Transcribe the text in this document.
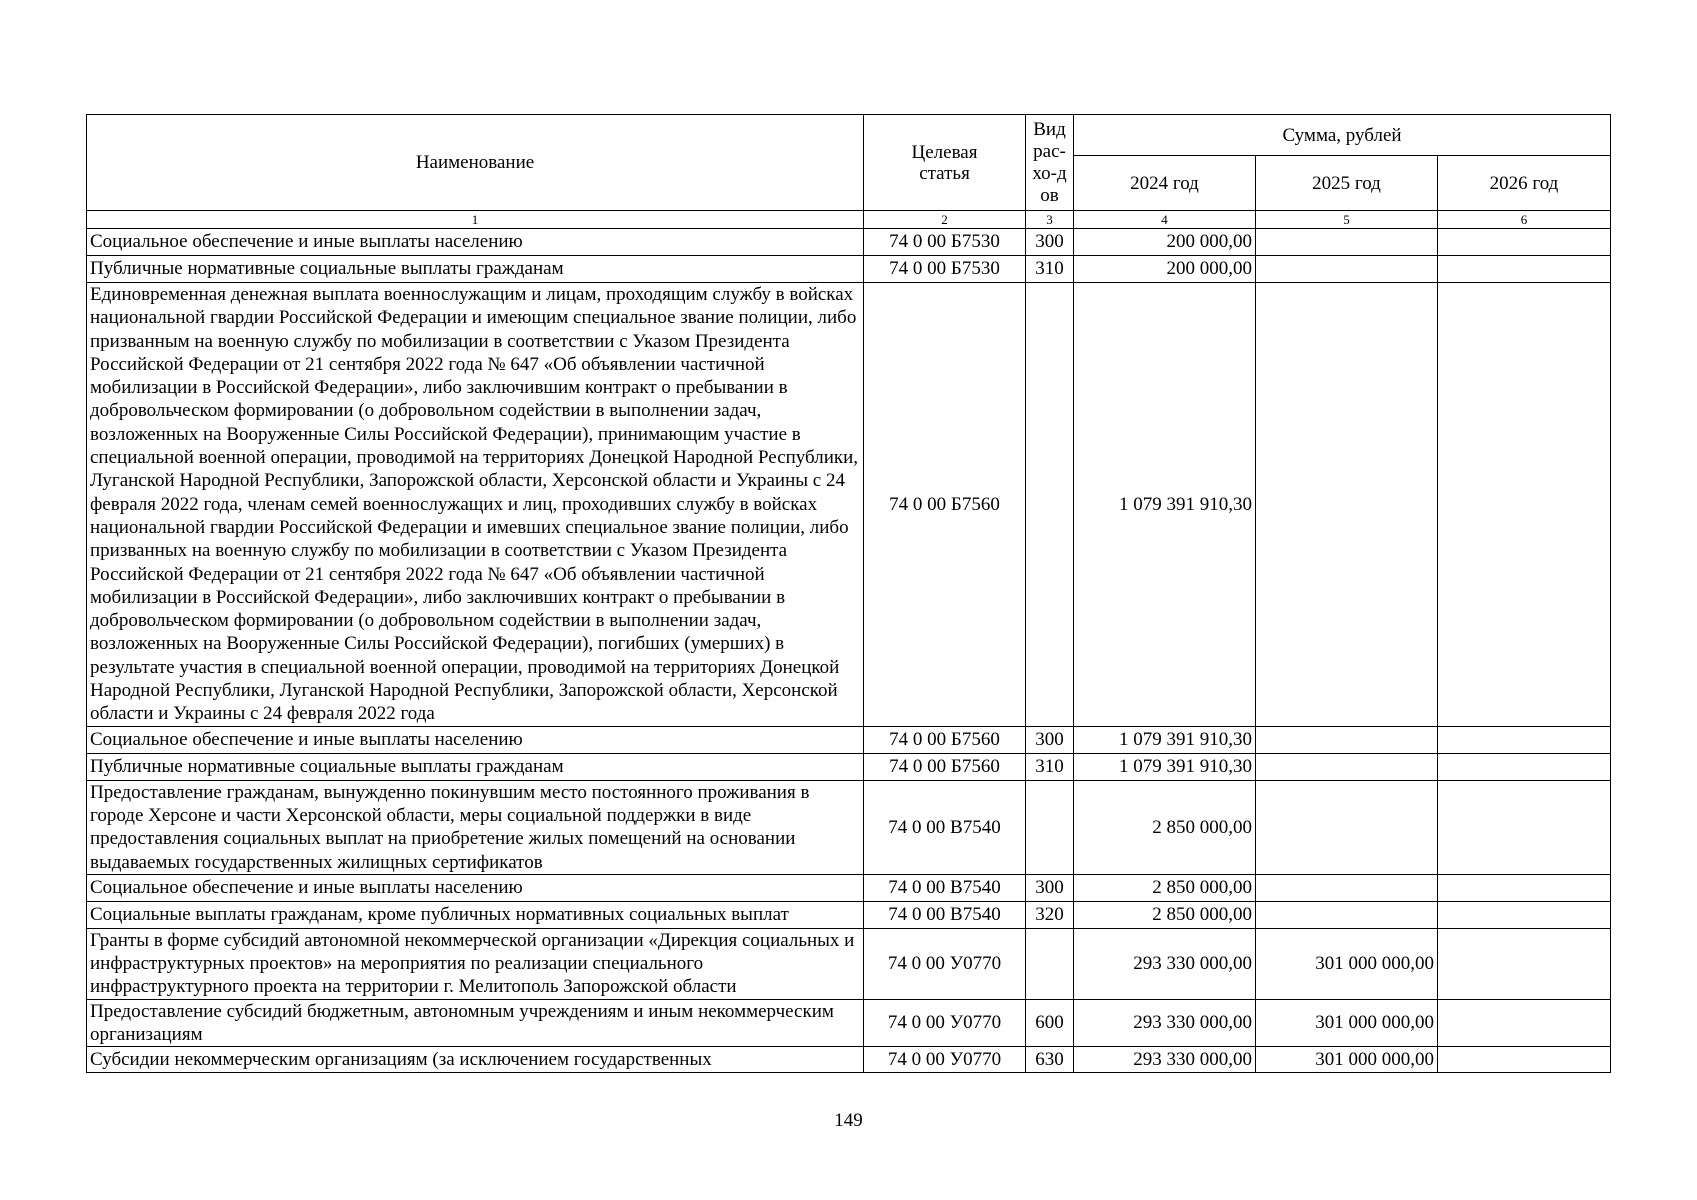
Наименование	Целевая статья	Вид рас-хо-дов	Сумма, рублей		
			2024 год	2025 год	2026 год
1	2	3	4	5	6
Социальное обеспечение и иные выплаты населению	74 0 00 Б7530	300	200 000,00		
Публичные нормативные социальные выплаты гражданам	74 0 00 Б7530	310	200 000,00		
Единовременная денежная выплата военнослужащим и лицам, проходящим службу в войсках национальной гвардии Российской Федерации и имеющим специальное звание полиции, либо призванным на военную службу по мобилизации в соответствии с Указом Президента Российской Федерации от 21 сентября 2022 года № 647 «Об объявлении частичной мобилизации в Российской Федерации», либо заключившим контракт о пребывании в добровольческом формировании (о добровольном содействии в выполнении задач, возложенных на Вооруженные Силы Российской Федерации), принимающим участие в специальной военной операции, проводимой на территориях Донецкой Народной Республики, Луганской Народной Республики, Запорожской области, Херсонской области и Украины с 24 февраля 2022 года, членам семей военнослужащих и лиц, проходивших службу в войсках национальной гвардии Российской Федерации и имевших специальное звание полиции, либо призванных на военную службу по мобилизации в соответствии с Указом Президента Российской Федерации от 21 сентября 2022 года № 647 «Об объявлении частичной мобилизации в Российской Федерации», либо заключивших контракт о пребывании в добровольческом формировании (о добровольном содействии в выполнении задач, возложенных на Вооруженные Силы Российской Федерации), погибших (умерших) в результате участия в специальной военной операции, проводимой на территориях Донецкой Народной Республики, Луганской Народной Республики, Запорожской области, Херсонской области и Украины с 24 февраля 2022 года	74 0 00 Б7560		1 079 391 910,30		
Социальное обеспечение и иные выплаты населению	74 0 00 Б7560	300	1 079 391 910,30		
Публичные нормативные социальные выплаты гражданам	74 0 00 Б7560	310	1 079 391 910,30		
Предоставление гражданам, вынужденно покинувшим место постоянного проживания в городе Херсоне и части Херсонской области, меры социальной поддержки в виде предоставления социальных выплат на приобретение жилых помещений на основании выдаваемых государственных жилищных сертификатов	74 0 00 В7540		2 850 000,00		
Социальное обеспечение и иные выплаты населению	74 0 00 В7540	300	2 850 000,00		
Социальные выплаты гражданам, кроме публичных нормативных социальных выплат	74 0 00 В7540	320	2 850 000,00		
Гранты в форме субсидий автономной некоммерческой организации «Дирекция социальных и инфраструктурных проектов» на мероприятия по реализации специального инфраструктурного проекта на территории г. Мелитополь Запорожской области	74 0 00 У0770		293 330 000,00	301 000 000,00	
Предоставление субсидий бюджетным, автономным учреждениям и иным некоммерческим организациям	74 0 00 У0770	600	293 330 000,00	301 000 000,00	
Субсидии некоммерческим организациям (за исключением государственных	74 0 00 У0770	630	293 330 000,00	301 000 000,00	
149
